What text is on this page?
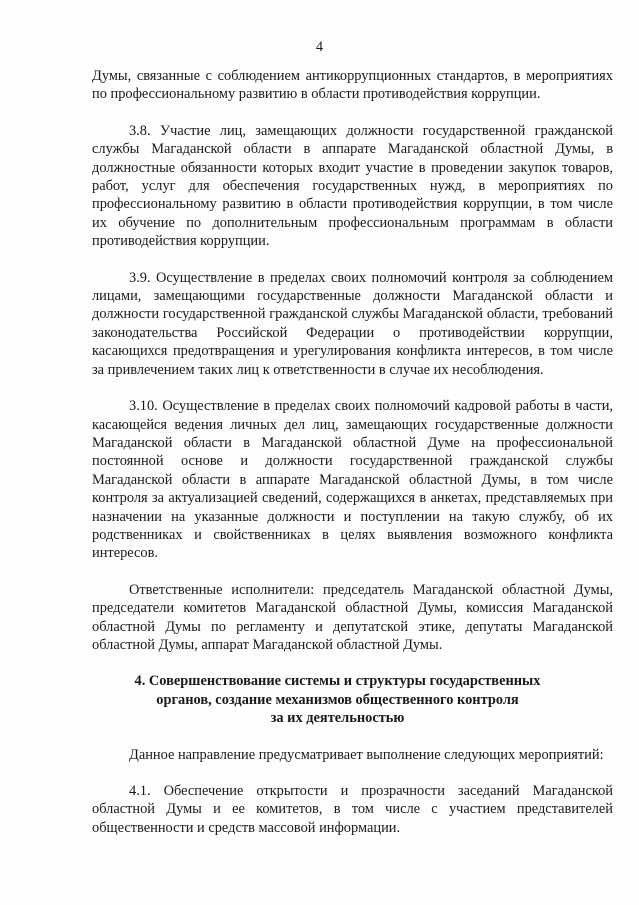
4

Думы, связанные с соблюдением антикоррупционных стандартов, в мероприятиях по профессиональному развитию в области противодействия коррупции.

3.8. Участие лиц, замещающих должности государственной гражданской службы Магаданской области в аппарате Магаданской областной Думы, в должностные обязанности которых входит участие в проведении закупок товаров, работ, услуг для обеспечения государственных нужд, в мероприятиях по профессиональному развитию в области противодействия коррупции, в том числе их обучение по дополнительным профессиональным программам в области противодействия коррупции.

3.9. Осуществление в пределах своих полномочий контроля за соблюдением лицами, замещающими государственные должности Магаданской области и должности государственной гражданской службы Магаданской области, требований законодательства Российской Федерации о противодействии коррупции, касающихся предотвращения и урегулирования конфликта интересов, в том числе за привлечением таких лиц к ответственности в случае их несоблюдения.

3.10. Осуществление в пределах своих полномочий кадровой работы в части, касающейся ведения личных дел лиц, замещающих государственные должности Магаданской области в Магаданской областной Думе на профессиональной постоянной основе и должности государственной гражданской службы Магаданской области в аппарате Магаданской областной Думы, в том числе контроля за актуализацией сведений, содержащихся в анкетах, представляемых при назначении на указанные должности и поступлении на такую службу, об их родственниках и свойственниках в целях выявления возможного конфликта интересов.

Ответственные исполнители: председатель Магаданской областной Думы, председатели комитетов Магаданской областной Думы, комиссия Магаданской областной Думы по регламенту и депутатской этике, депутаты Магаданской областной Думы, аппарат Магаданской областной Думы.

4. Совершенствование системы и структуры государственных
органов, создание механизмов общественного контроля
за их деятельностью

Данное направление предусматривает выполнение следующих мероприятий:

4.1. Обеспечение открытости и прозрачности заседаний Магаданской областной Думы и ее комитетов, в том числе с участием представителей общественности и средств массовой информации.
